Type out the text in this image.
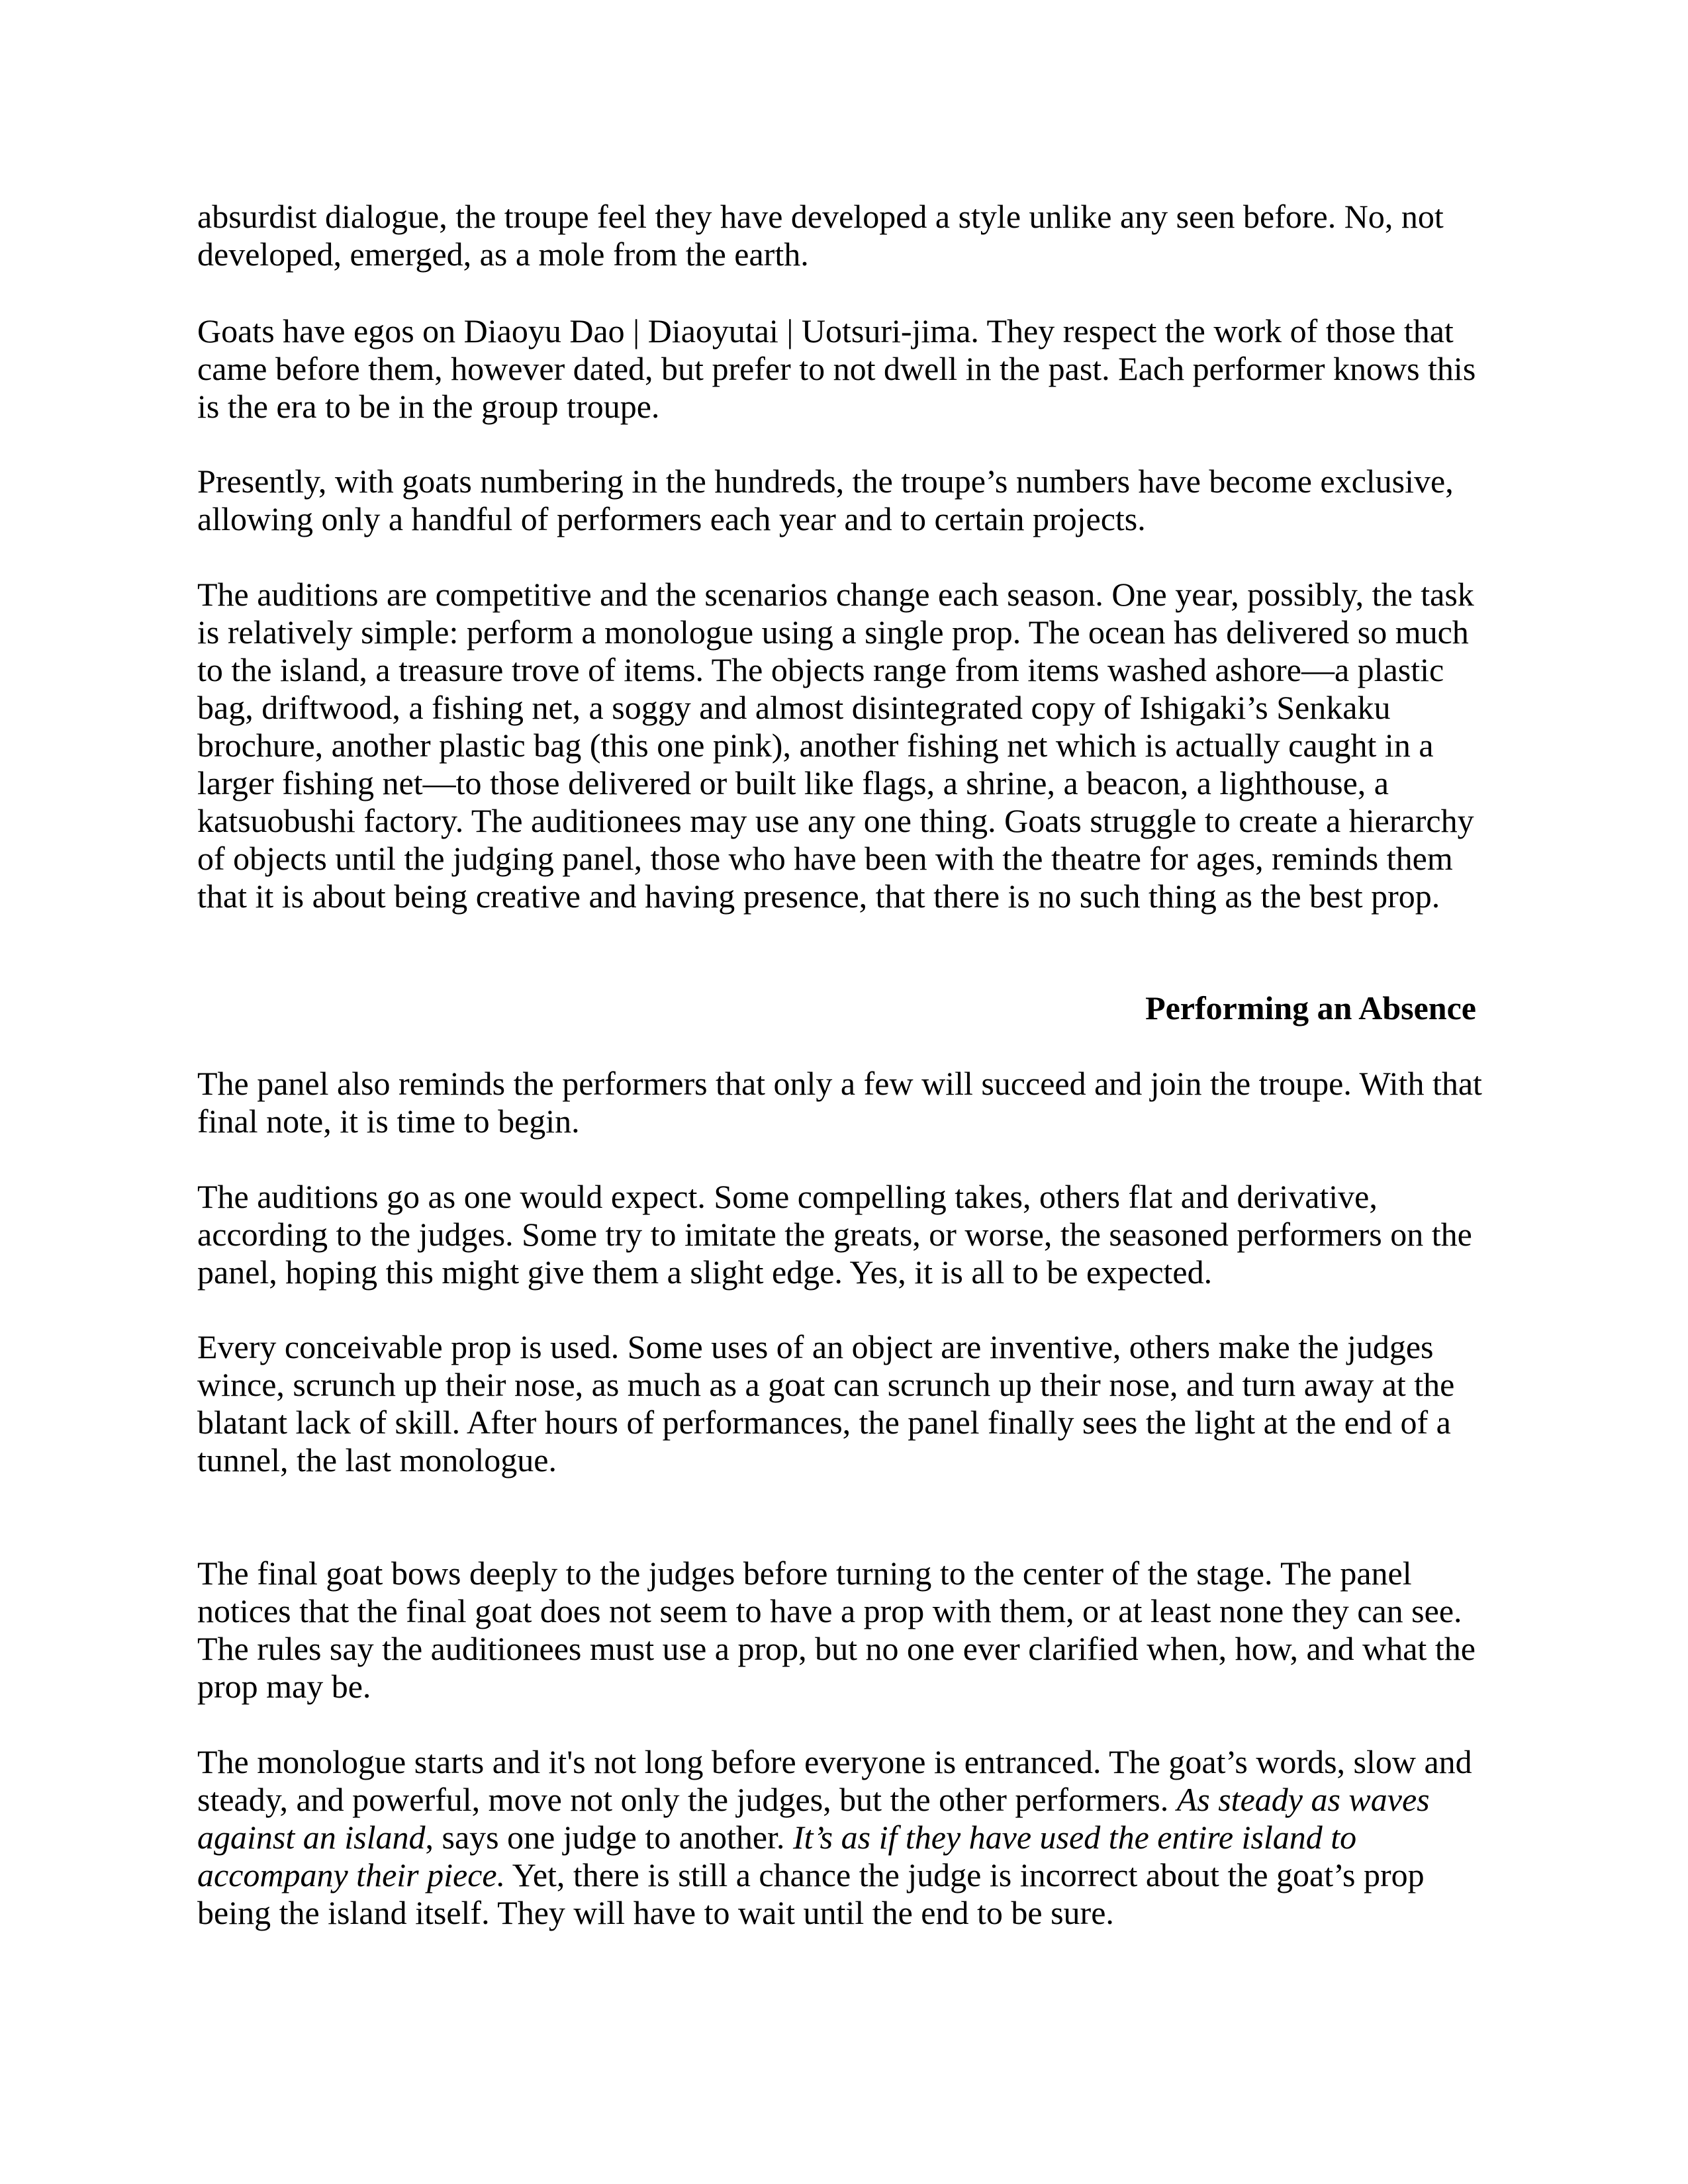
absurdist dialogue, the troupe feel they have developed a style unlike any seen before. No, not
developed, emerged, as a mole from the earth.
Goats have egos on Diaoyu Dao | Diaoyutai | Uotsuri-jima. They respect the work of those that
came before them, however dated, but prefer to not dwell in the past. Each performer knows this
is the era to be in the group troupe.
Presently, with goats numbering in the hundreds, the troupe’s numbers have become exclusive,
allowing only a handful of performers each year and to certain projects.
The auditions are competitive and the scenarios change each season. One year, possibly, the task
is relatively simple: perform a monologue using a single prop. The ocean has delivered so much
to the island, a treasure trove of items. The objects range from items washed ashore—a plastic
bag, driftwood, a fishing net, a soggy and almost disintegrated copy of Ishigaki’s Senkaku
brochure, another plastic bag (this one pink), another fishing net which is actually caught in a
larger fishing net—to those delivered or built like flags, a shrine, a beacon, a lighthouse, a
katsuobushi factory. The auditionees may use any one thing. Goats struggle to create a hierarchy
of objects until the judging panel, those who have been with the theatre for ages, reminds them
that it is about being creative and having presence, that there is no such thing as the best prop.
The panel also reminds the performers that only a few will succeed and join the troupe. With that
final note, it is time to begin.
The auditions go as one would expect. Some compelling takes, others flat and derivative,
according to the judges. Some try to imitate the greats, or worse, the seasoned performers on the
panel, hoping this might give them a slight edge. Yes, it is all to be expected.
Every conceivable prop is used. Some uses of an object are inventive, others make the judges
wince, scrunch up their nose, as much as a goat can scrunch up their nose, and turn away at the
blatant lack of skill. After hours of performances, the panel finally sees the light at the end of a
tunnel, the last monologue.
The final goat bows deeply to the judges before turning to the center of the stage. The panel
notices that the final goat does not seem to have a prop with them, or at least none they can see.
The rules say the auditionees must use a prop, but no one ever clarified when, how, and what the
prop may be.
Performing an Absence
The monologue starts and it's not long before everyone is entranced. The goat’s words, slow and
steady, and powerful, move not only the judges, but the other performers. As steady as waves
against an island, says one judge to another. It’s as if they have used the entire island to
accompany their piece. Yet, there is still a chance the judge is incorrect about the goat’s prop
being the island itself. They will have to wait until the end to be sure.
